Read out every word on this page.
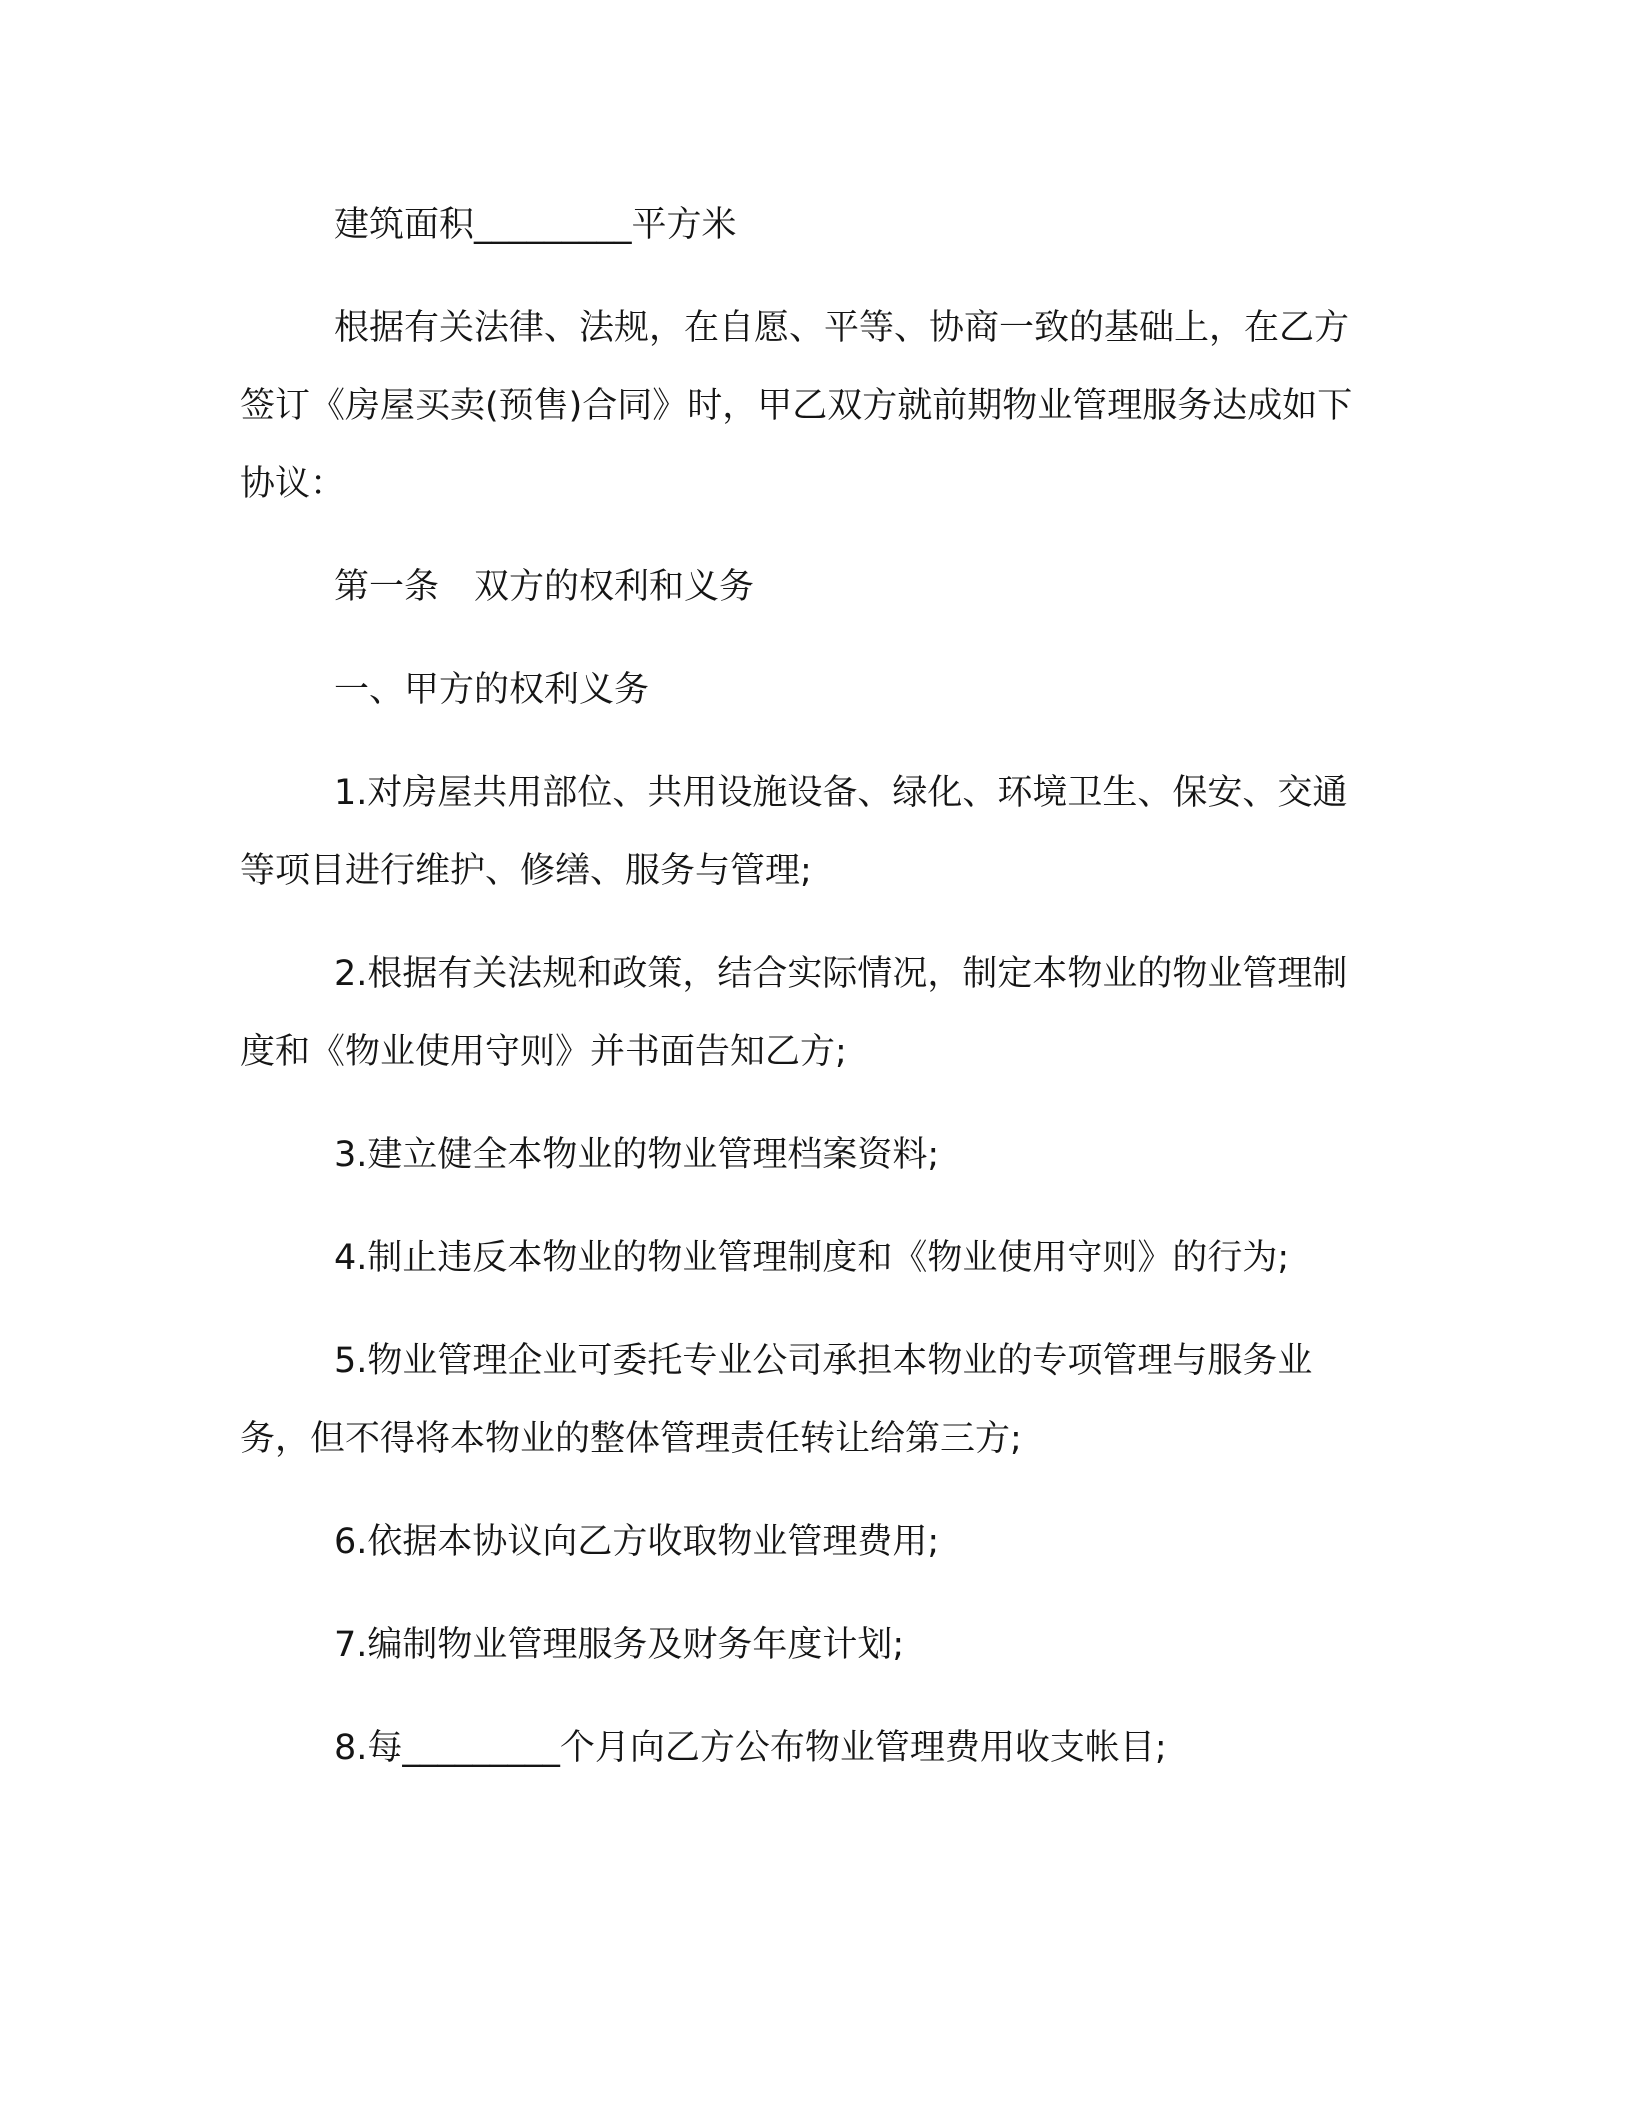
建筑面积_________平方米

根据有关法律、法规，在自愿、平等、协商一致的基础上，在乙方签订《房屋买卖(预售)合同》时，甲乙双方就前期物业管理服务达成如下协议：

第一条　双方的权利和义务

一、甲方的权利义务

1.对房屋共用部位、共用设施设备、绿化、环境卫生、保安、交通等项目进行维护、修缮、服务与管理;

2.根据有关法规和政策，结合实际情况，制定本物业的物业管理制度和《物业使用守则》并书面告知乙方;

3.建立健全本物业的物业管理档案资料;

4.制止违反本物业的物业管理制度和《物业使用守则》的行为;

5.物业管理企业可委托专业公司承担本物业的专项管理与服务业务，但不得将本物业的整体管理责任转让给第三方;

6.依据本协议向乙方收取物业管理费用;

7.编制物业管理服务及财务年度计划;

8.每_________个月向乙方公布物业管理费用收支帐目;
